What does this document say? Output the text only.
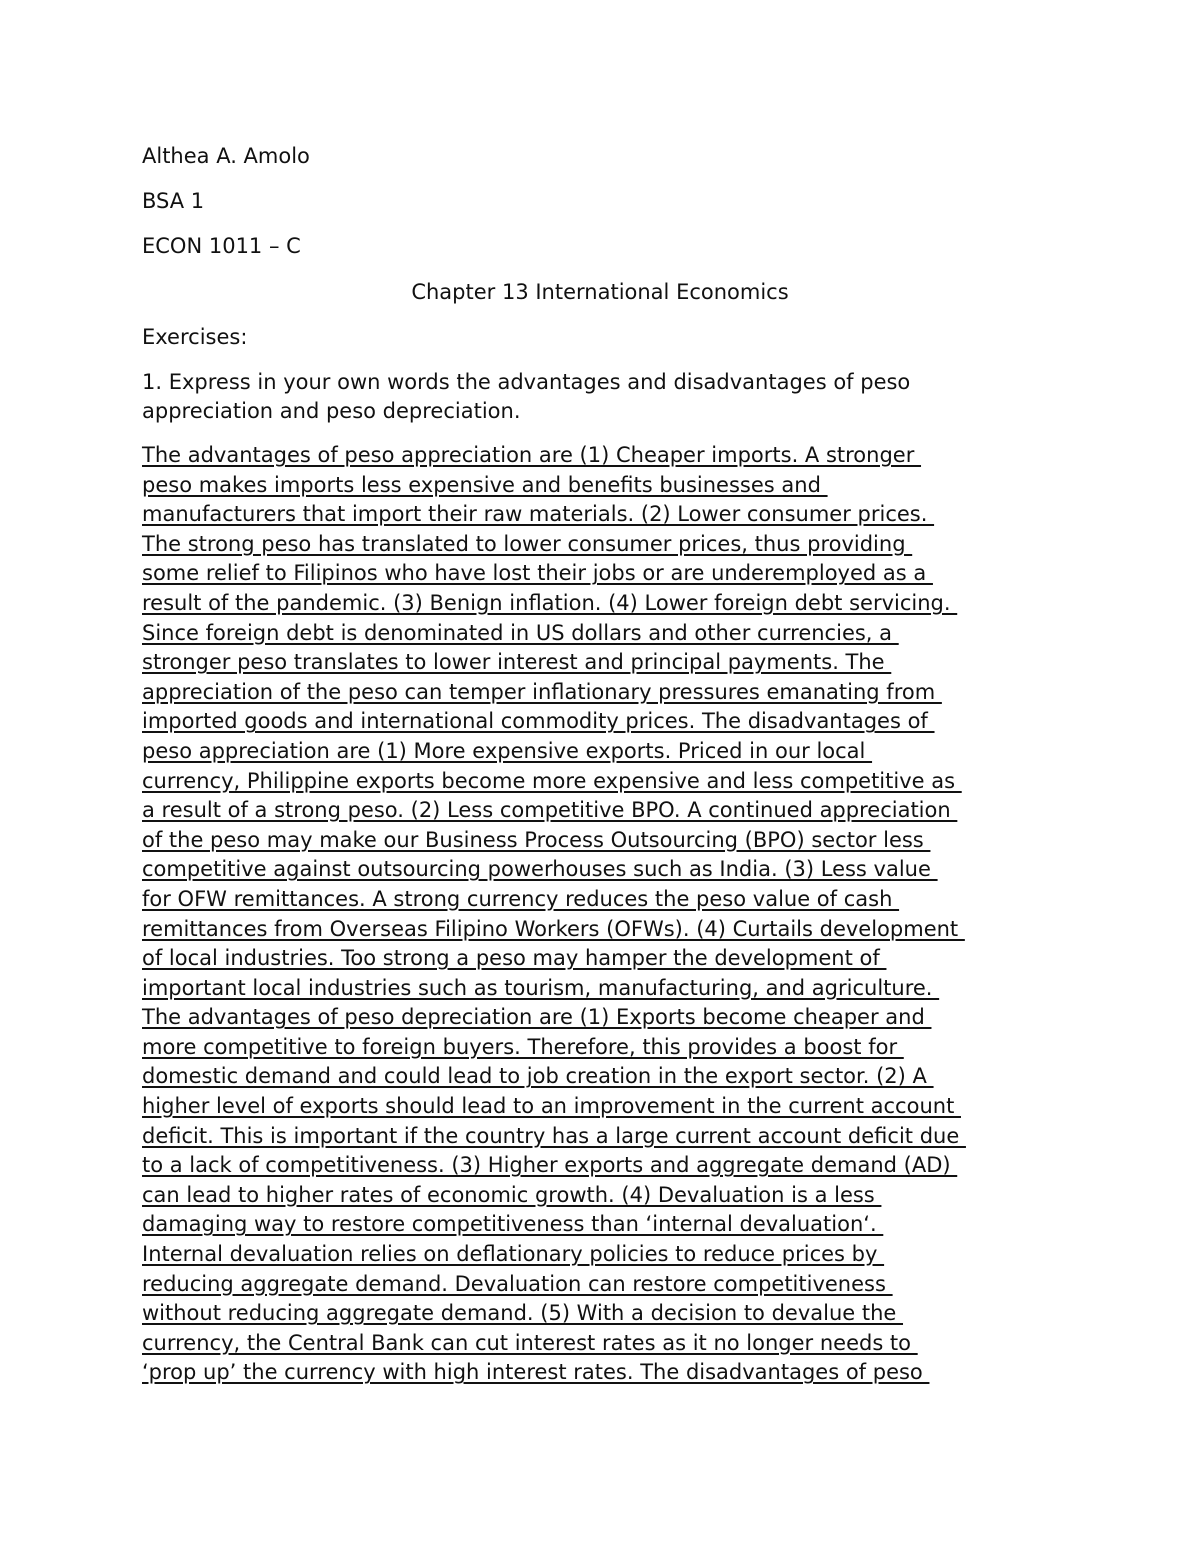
Althea A. Amolo
BSA 1
ECON 1011 – C
Chapter 13 International Economics
Exercises:
1. Express in your own words the advantages and disadvantages of peso
appreciation and peso depreciation.
The advantages of peso appreciation are (1) Cheaper imports. A stronger
peso makes imports less expensive and benefits businesses and
manufacturers that import their raw materials. (2) Lower consumer prices.
The strong peso has translated to lower consumer prices, thus providing
some relief to Filipinos who have lost their jobs or are underemployed as a
result of the pandemic. (3) Benign inflation. (4) Lower foreign debt servicing.
Since foreign debt is denominated in US dollars and other currencies, a
stronger peso translates to lower interest and principal payments. The
appreciation of the peso can temper inflationary pressures emanating from
imported goods and international commodity prices. The disadvantages of
peso appreciation are (1) More expensive exports. Priced in our local
currency, Philippine exports become more expensive and less competitive as
a result of a strong peso. (2) Less competitive BPO. A continued appreciation
of the peso may make our Business Process Outsourcing (BPO) sector less
competitive against outsourcing powerhouses such as India. (3) Less value
for OFW remittances. A strong currency reduces the peso value of cash
remittances from Overseas Filipino Workers (OFWs). (4) Curtails development
of local industries. Too strong a peso may hamper the development of
important local industries such as tourism, manufacturing, and agriculture.
The advantages of peso depreciation are (1) Exports become cheaper and
more competitive to foreign buyers. Therefore, this provides a boost for
domestic demand and could lead to job creation in the export sector. (2) A
higher level of exports should lead to an improvement in the current account
deficit. This is important if the country has a large current account deficit due
to a lack of competitiveness. (3) Higher exports and aggregate demand (AD)
can lead to higher rates of economic growth. (4) Devaluation is a less
damaging way to restore competitiveness than ‘internal devaluation‘.
Internal devaluation relies on deflationary policies to reduce prices by
reducing aggregate demand. Devaluation can restore competitiveness
without reducing aggregate demand. (5) With a decision to devalue the
currency, the Central Bank can cut interest rates as it no longer needs to
‘prop up’ the currency with high interest rates. The disadvantages of peso
